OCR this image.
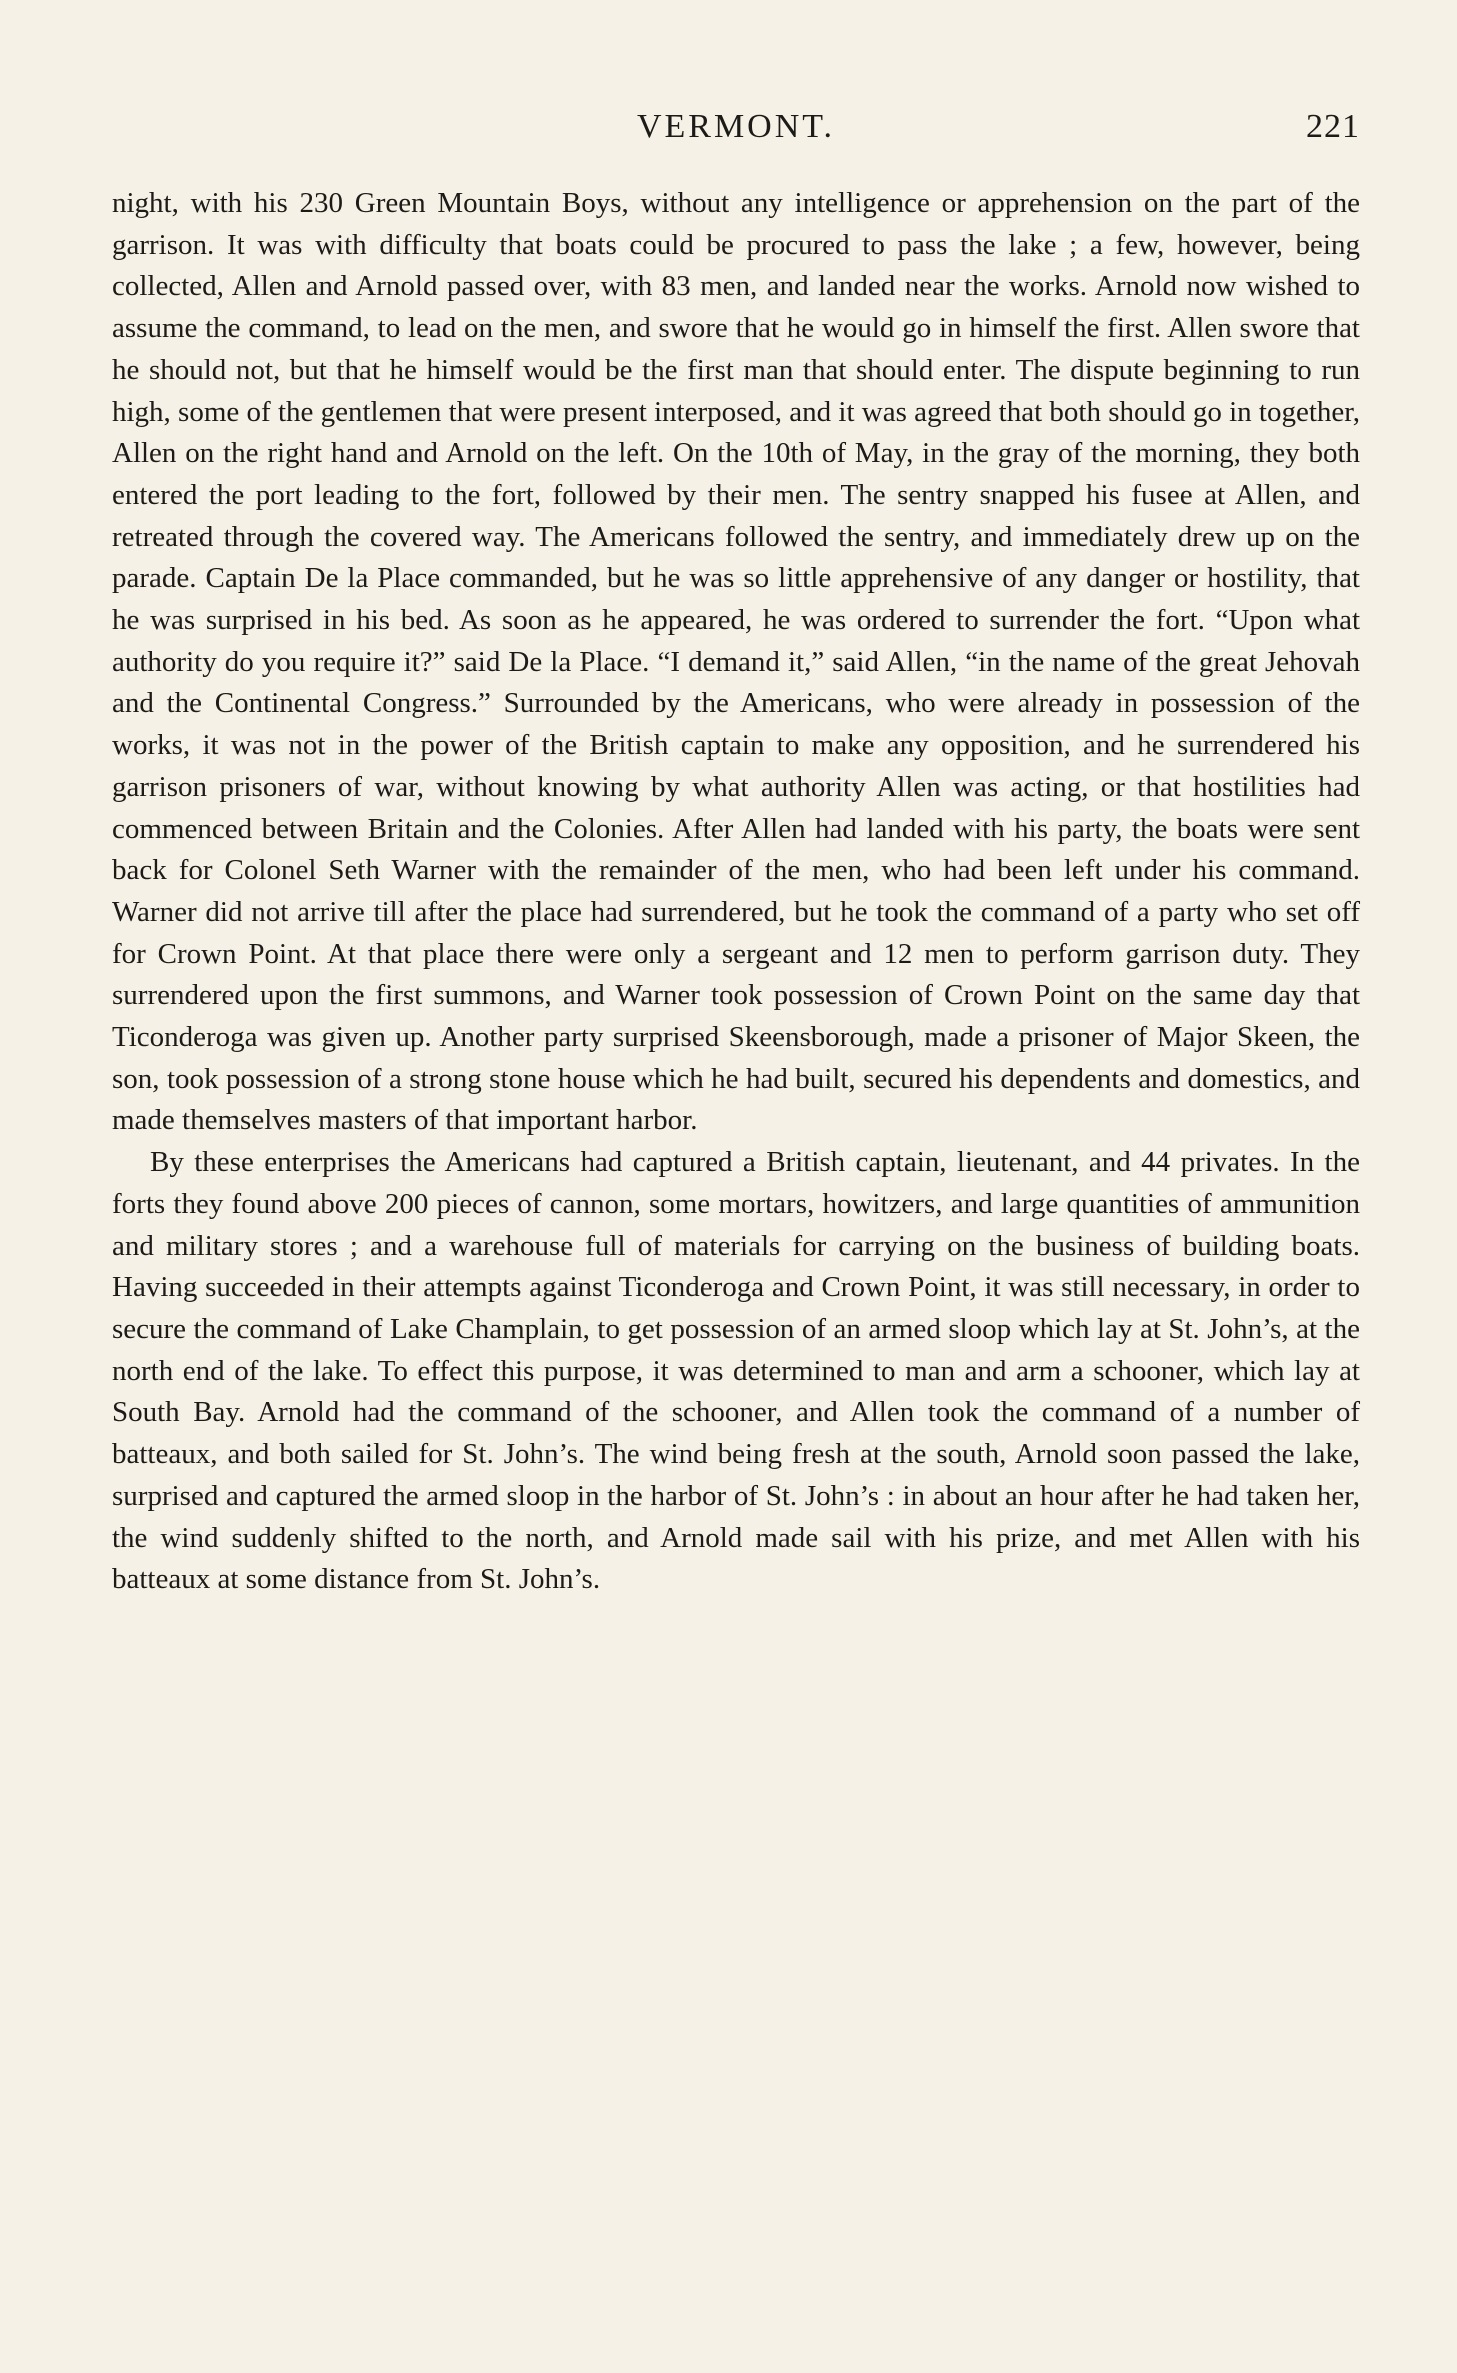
VERMONT.	221

night, with his 230 Green Mountain Boys, without any intelligence or apprehension on the part of the garrison. It was with difficulty that boats could be procured to pass the lake ; a few, however, being collected, Allen and Arnold passed over, with 83 men, and landed near the works. Arnold now wished to assume the command, to lead on the men, and swore that he would go in himself the first. Allen swore that he should not, but that he himself would be the first man that should enter. The dispute beginning to run high, some of the gentlemen that were present interposed, and it was agreed that both should go in together, Allen on the right hand and Arnold on the left. On the 10th of May, in the gray of the morning, they both entered the port leading to the fort, followed by their men. The sentry snapped his fusee at Allen, and retreated through the covered way. The Americans followed the sentry, and immediately drew up on the parade. Captain De la Place commanded, but he was so little apprehensive of any danger or hostility, that he was surprised in his bed. As soon as he appeared, he was ordered to surrender the fort. “Upon what authority do you require it?” said De la Place. “I demand it,” said Allen, “in the name of the great Jehovah and the Continental Congress.” Surrounded by the Americans, who were already in possession of the works, it was not in the power of the British captain to make any opposition, and he surrendered his garrison prisoners of war, without knowing by what authority Allen was acting, or that hostilities had commenced between Britain and the Colonies. After Allen had landed with his party, the boats were sent back for Colonel Seth Warner with the remainder of the men, who had been left under his command. Warner did not arrive till after the place had surrendered, but he took the command of a party who set off for Crown Point. At that place there were only a sergeant and 12 men to perform garrison duty. They surrendered upon the first summons, and Warner took possession of Crown Point on the same day that Ticonderoga was given up. Another party surprised Skeensborough, made a prisoner of Major Skeen, the son, took possession of a strong stone house which he had built, secured his dependents and domestics, and made themselves masters of that important harbor.

By these enterprises the Americans had captured a British captain, lieutenant, and 44 privates. In the forts they found above 200 pieces of cannon, some mortars, howitzers, and large quantities of ammunition and military stores ; and a warehouse full of materials for carrying on the business of building boats. Having succeeded in their attempts against Ticonderoga and Crown Point, it was still necessary, in order to secure the command of Lake Champlain, to get possession of an armed sloop which lay at St. John’s, at the north end of the lake. To effect this purpose, it was determined to man and arm a schooner, which lay at South Bay. Arnold had the command of the schooner, and Allen took the command of a number of batteaux, and both sailed for St. John’s. The wind being fresh at the south, Arnold soon passed the lake, surprised and captured the armed sloop in the harbor of St. John’s : in about an hour after he had taken her, the wind suddenly shifted to the north, and Arnold made sail with his prize, and met Allen with his batteaux at some distance from St. John’s.
